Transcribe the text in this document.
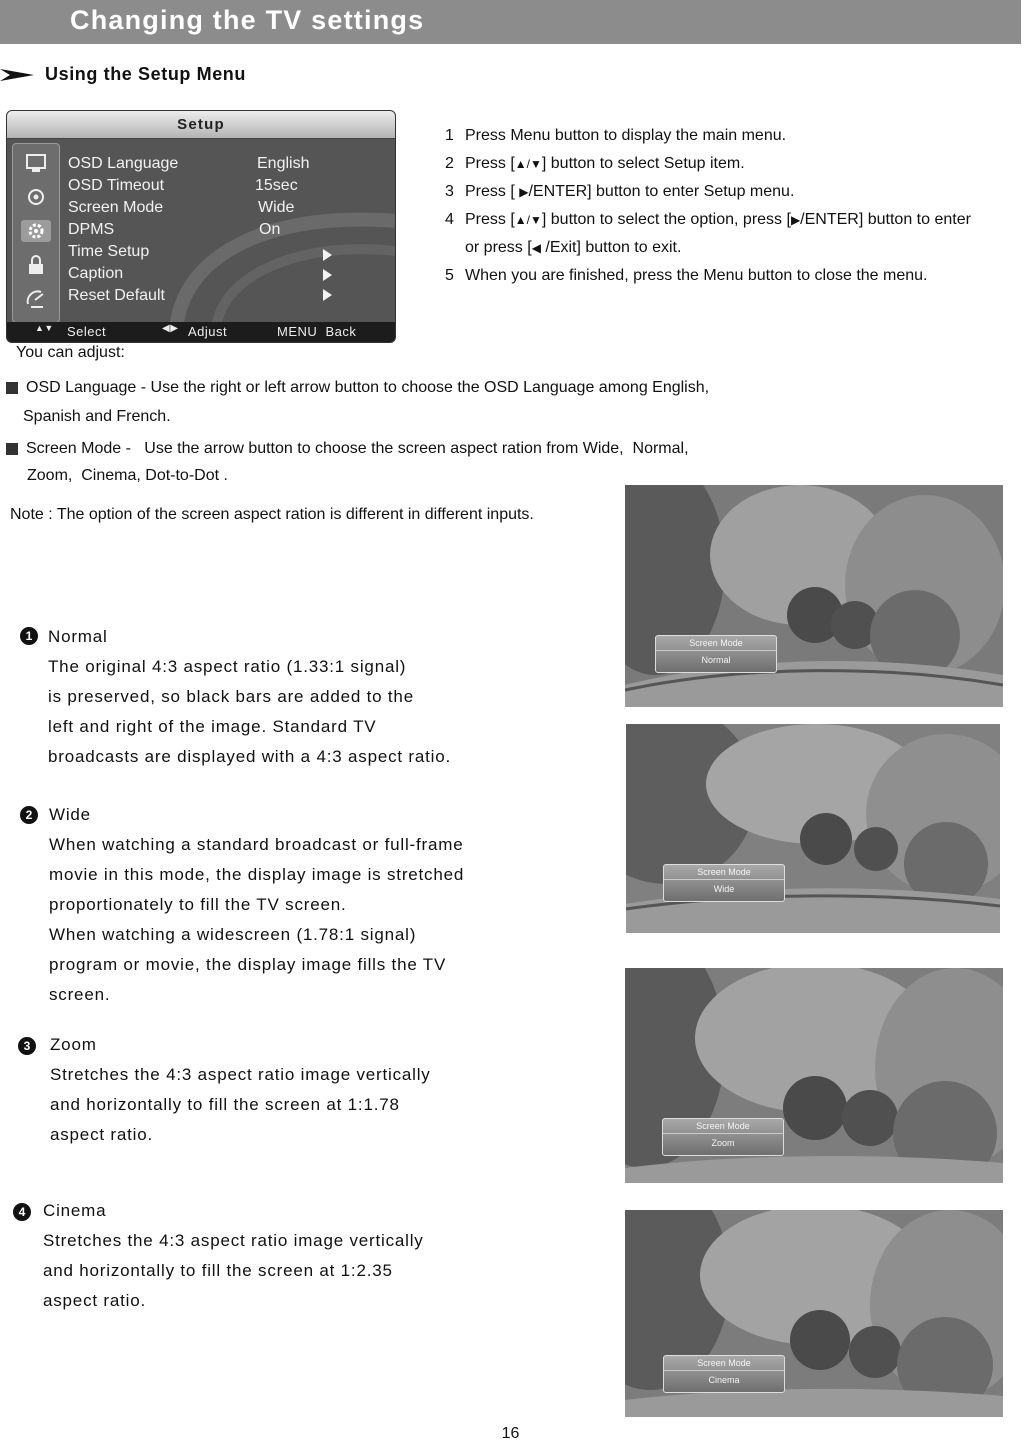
Changing the TV settings
Using the Setup Menu
Setup
OSD Language	English
OSD Timeout	15sec
Screen Mode	Wide
DPMS	On
Time Setup
Caption
Reset Default
▲▼ Select	◀▶ Adjust	MENU  Back
1 Press Menu button to display the main menu.
2 Press [▲/▼] button to select Setup item.
3 Press [ ▶/ENTER] button to enter Setup menu.
4 Press [▲/▼] button to select the option, press [▶/ENTER] button to enter
or press [◀ /Exit] button to exit.
5 When you are finished, press the Menu button to close the menu.
You can adjust:
OSD Language - Use the right or left arrow button to choose the OSD Language among English,
Spanish and French.
Screen Mode -   Use the arrow button to choose the screen aspect ration from Wide,  Normal,
Zoom,  Cinema, Dot-to-Dot .
Note : The option of the screen aspect ration is different in different inputs.
1 Normal
The original 4:3 aspect ratio (1.33:1 signal)
is preserved, so black bars are added to the
left and right of the image. Standard TV
broadcasts are displayed with a 4:3 aspect ratio.
2 Wide
When watching a standard broadcast or full-frame
movie in this mode, the display image is stretched
proportionately to fill the TV screen.
When watching a widescreen (1.78:1 signal)
program or movie, the display image fills the TV
screen.
3	Zoom
Stretches the 4:3 aspect ratio image vertically
and horizontally to fill the screen at 1:1.78
aspect ratio.
4	Cinema
Stretches the 4:3 aspect ratio image vertically
and horizontally to fill the screen at 1:2.35
aspect ratio.
Screen Mode
Normal
Screen Mode
Wide
Screen Mode
Zoom
Screen Mode
Cinema
16
